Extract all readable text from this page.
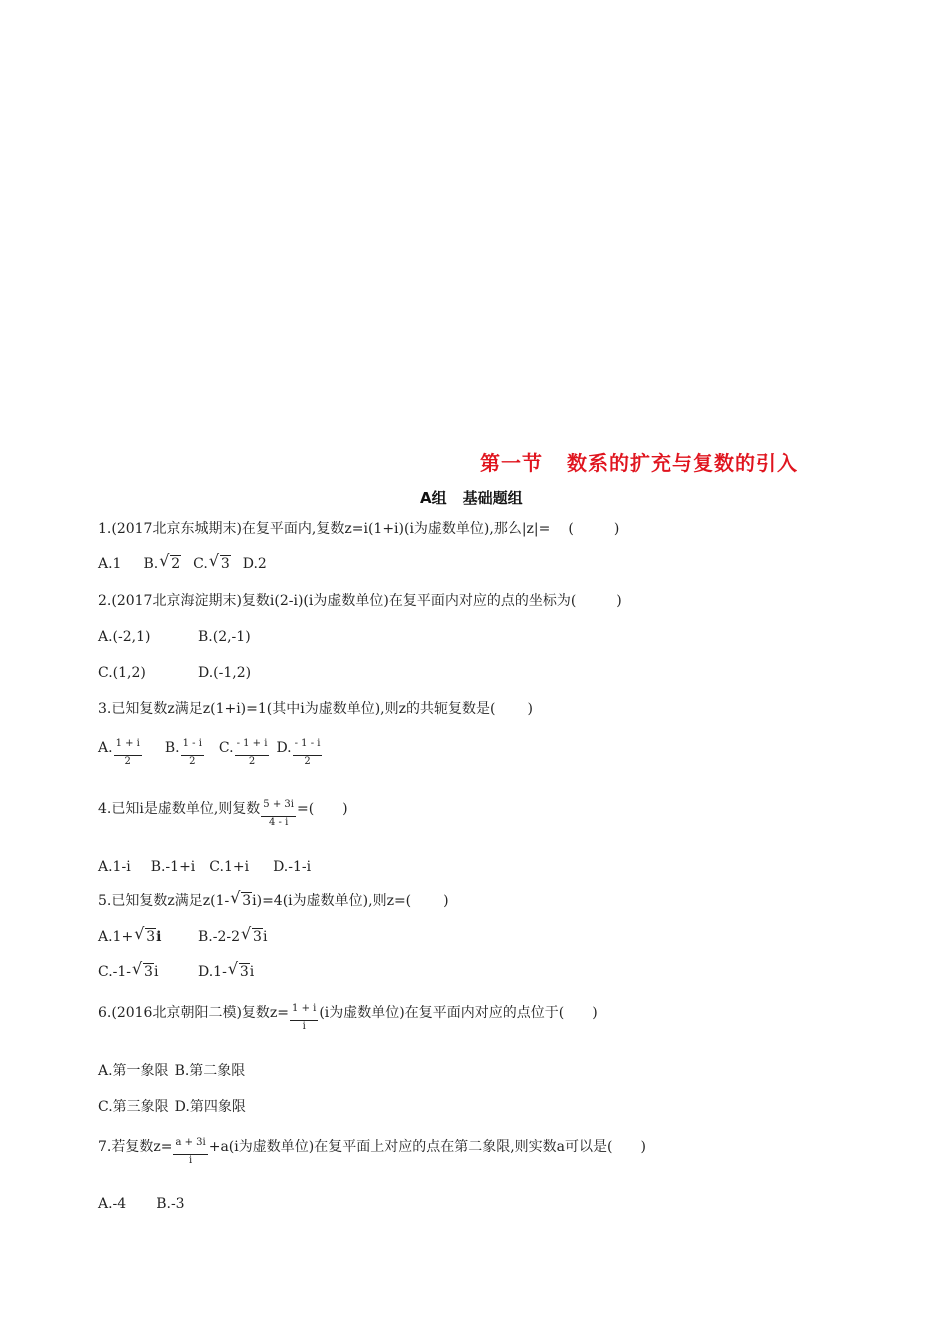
第一节 数系的扩充与复数的引入
A组 基础题组
1.(2017北京东城期末)在复平面内,复数z=i(1+i)(i为虚数单位),那么|z|= (	)
A.1 B. √ 2 C. √ 3 D.2
2.(2017北京海淀期末)复数i(2-i)(i为虚数单位)在复平面内对应的点的坐标为(	)
A.(-2,1)	B.(2,-1)
C.(1,2)	D.(-1,2)
3.已知复数z满足z(1+i)=1(其中i为虚数单位),则z的共轭复数是( )
A. $\frac{1 + i}{2} B$. $\frac{1 - i}{2} C$. $\frac{- 1 + i}{2} D$. $\frac{- 1 - i}{2}$
4.已知i是虚数单位,则复数 $\frac{5 + 3i}{4 - i}$ =( )
A.1-i B.-1+i C.1+i D.-1-i
5.已知复数z满足z(1- √ 3i)=4(i为虚数单位),则z=( )
A.1+ √ 3i	B.-2-2 √ 3i
C.-1- √ 3i	D.1- √ 3i
6.(2016北京朝阳二模)复数$z= \frac{1 + i}{i} (i$为虚数单位)在复平面内对应的点位于( )
A.第一象限 B.第二象限
C.第三象限 D.第四象限
7.若复数$z= \frac{a + 3i}{i} +a(i$为虚数单位)在复平面上对应的点在第二象限,则实数a可以是( )
A.-4 B.-3
